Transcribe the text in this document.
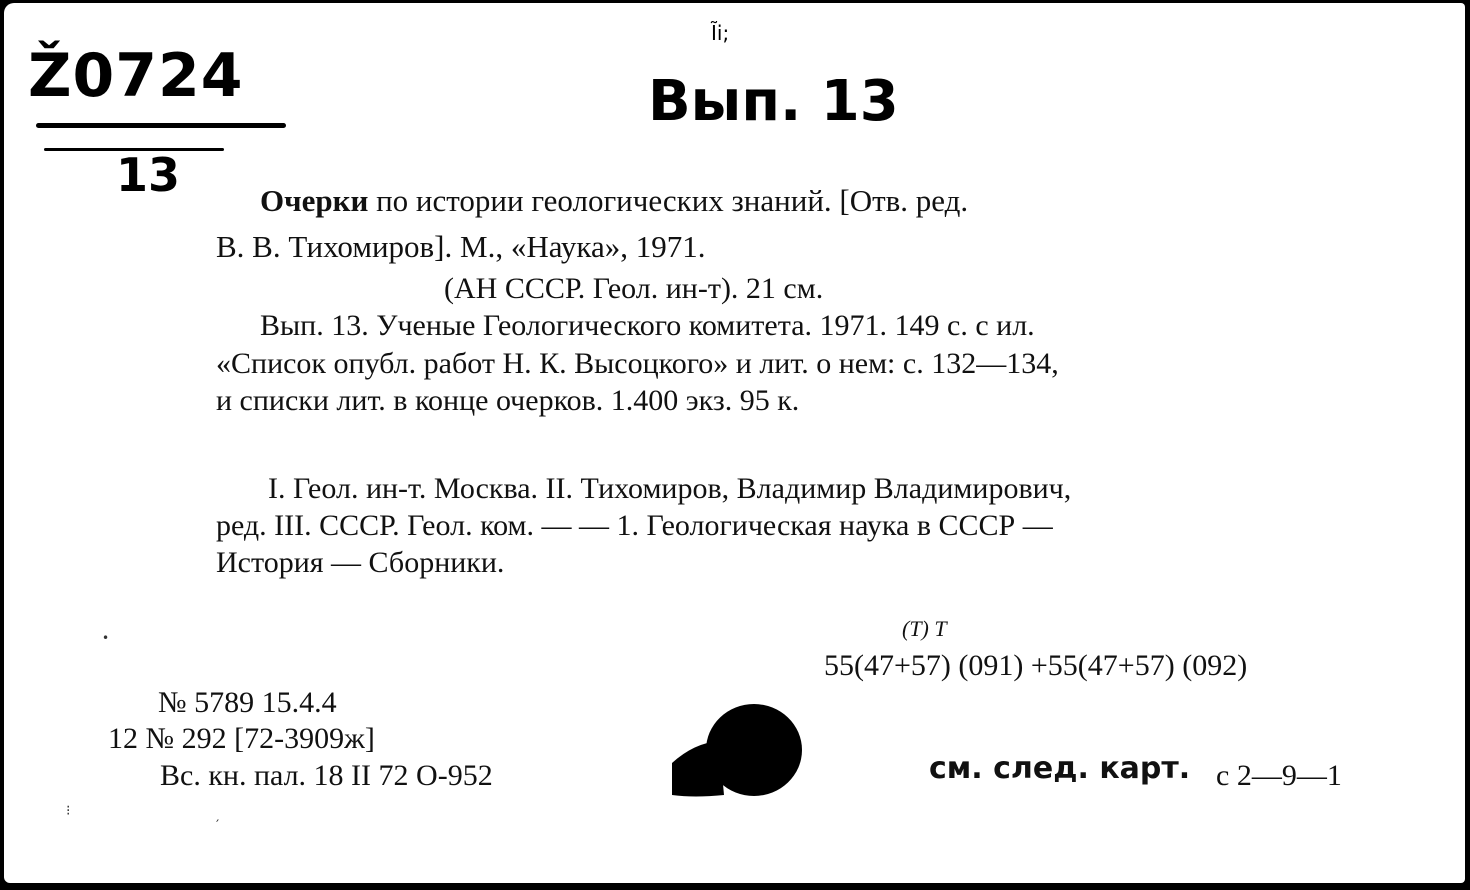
Ĩi;
Ž0724
13
Вып. 13
Очерки по истории геологических знаний. [Отв. ред.
В. В. Тихомиров]. М., «Наука», 1971.
(АН СССР. Геол. ин-т). 21 см.
Вып. 13. Ученые Геологического комитета. 1971. 149 с. с ил.
«Список опубл. работ Н. К. Высоцкого» и лит. о нем: с. 132—134,
и списки лит. в конце очерков. 1.400 экз. 95 к.
I. Геол. ин-т. Москва. II. Тихомиров, Владимир Владимирович,
ред. III. СССР. Геол. ком. — — 1. Геологическая наука в СССР —
История — Сборники.
(Т) Т
55(47+57) (091) +55(47+57) (092)
№ 5789 15.4.4
12 № 292 [72-3909ж]
Вс. кн. пал. 18 II 72 О-952	см. след. карт. с 2—9—1
•
⁝
′
